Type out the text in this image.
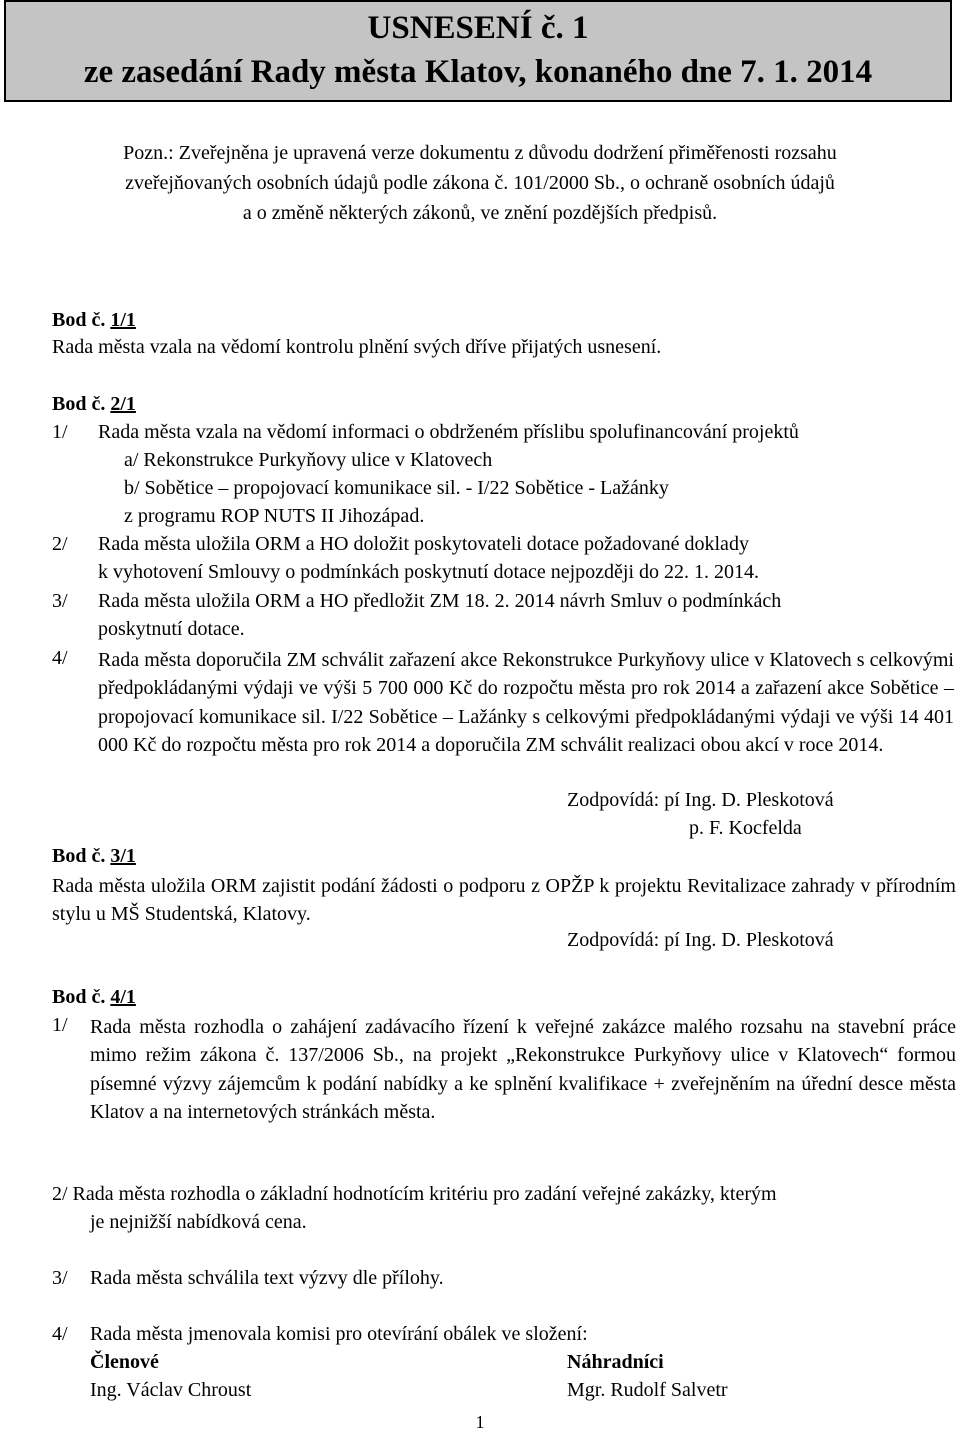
USNESENÍ č. 1
ze zasedání Rady města Klatov, konaného dne 7. 1. 2014
Pozn.: Zveřejněna je upravená verze dokumentu z důvodu dodržení přiměřenosti rozsahu
zveřejňovaných osobních údajů podle zákona č. 101/2000 Sb., o ochraně osobních údajů
a o změně některých zákonů, ve znění pozdějších předpisů.
Bod č. 1/1
Rada města vzala na vědomí kontrolu plnění svých dříve přijatých usnesení.
Bod č. 2/1
1/ Rada města vzala na vědomí informaci o obdrženém příslibu spolufinancování projektů
a/ Rekonstrukce Purkyňovy ulice v Klatovech
b/ Sobětice – propojovací komunikace sil. - I/22 Sobětice - Lažánky
z programu ROP NUTS II Jihozápad.
2/ Rada města uložila ORM a HO doložit poskytovateli dotace požadované doklady
k vyhotovení Smlouvy o podmínkách poskytnutí dotace nejpozději do 22. 1. 2014.
3/ Rada města uložila ORM a HO předložit ZM 18. 2. 2014 návrh Smluv o podmínkách
poskytnutí dotace.
4/ Rada města doporučila ZM schválit zařazení akce Rekonstrukce Purkyňovy ulice v Klatovech s celkovými předpokládanými výdaji ve výši 5 700 000 Kč do rozpočtu města pro rok 2014 a zařazení akce Sobětice – propojovací komunikace sil. I/22 Sobětice – Lažánky s celkovými předpokládanými výdaji ve výši 14 401 000 Kč do rozpočtu města pro rok 2014 a doporučila ZM schválit realizaci obou akcí v roce 2014.
Zodpovídá: pí Ing. D. Pleskotová
p. F. Kocfelda
Bod č. 3/1
Rada města uložila ORM zajistit podání žádosti o podporu z OPŽP k projektu Revitalizace zahrady v přírodním stylu u MŠ Studentská, Klatovy.
Zodpovídá: pí Ing. D. Pleskotová
Bod č. 4/1
1/ Rada města rozhodla o zahájení zadávacího řízení k veřejné zakázce malého rozsahu na stavební práce mimo režim zákona č. 137/2006 Sb., na projekt „Rekonstrukce Purkyňovy ulice v Klatovech“ formou písemné výzvy zájemcům k podání nabídky a ke splnění kvalifikace + zveřejněním na úřední desce města Klatov a na internetových stránkách města.
2/ Rada města rozhodla o základní hodnotícím kritériu pro zadání veřejné zakázky, kterým
je nejnižší nabídková cena.
3/ Rada města schválila text výzvy dle přílohy.
4/ Rada města jmenovala komisi pro otevírání obálek ve složení:
Členové	Náhradníci
Ing. Václav Chroust	Mgr. Rudolf Salvetr
1
